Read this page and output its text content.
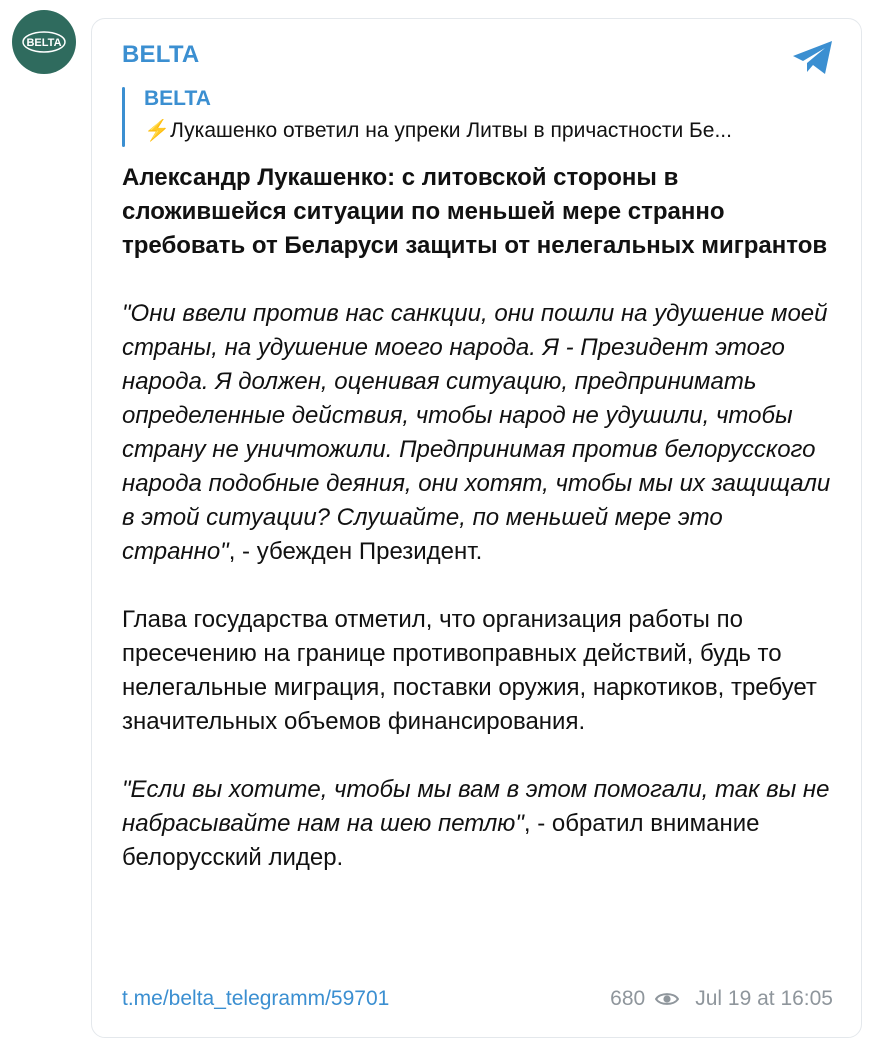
BELTA	BELTA
BELTA
⚡Лукашенко ответил на упреки Литвы в причастности Бе...

Александр Лукашенко: с литовской стороны в сложившейся ситуации по меньшей мере странно требовать от Беларуси защиты от нелегальных мигрантов

"Они ввели против нас санкции, они пошли на удушение моей страны, на удушение моего народа. Я - Президент этого народа. Я должен, оценивая ситуацию, предпринимать определенные действия, чтобы народ не удушили, чтобы страну не уничтожили. Предпринимая против белорусского народа подобные деяния, они хотят, чтобы мы их защищали в этой ситуации? Слушайте, по меньшей мере это странно", - убежден Президент.

Глава государства отметил, что организация работы по пресечению на границе противоправных действий, будь то нелегальные миграция, поставки оружия, наркотиков, требует значительных объемов финансирования.

"Если вы хотите, чтобы мы вам в этом помогали, так вы не набрасывайте нам на шею петлю", - обратил внимание белорусский лидер.

t.me/belta_telegramm/59701	680 Jul 19 at 16:05
